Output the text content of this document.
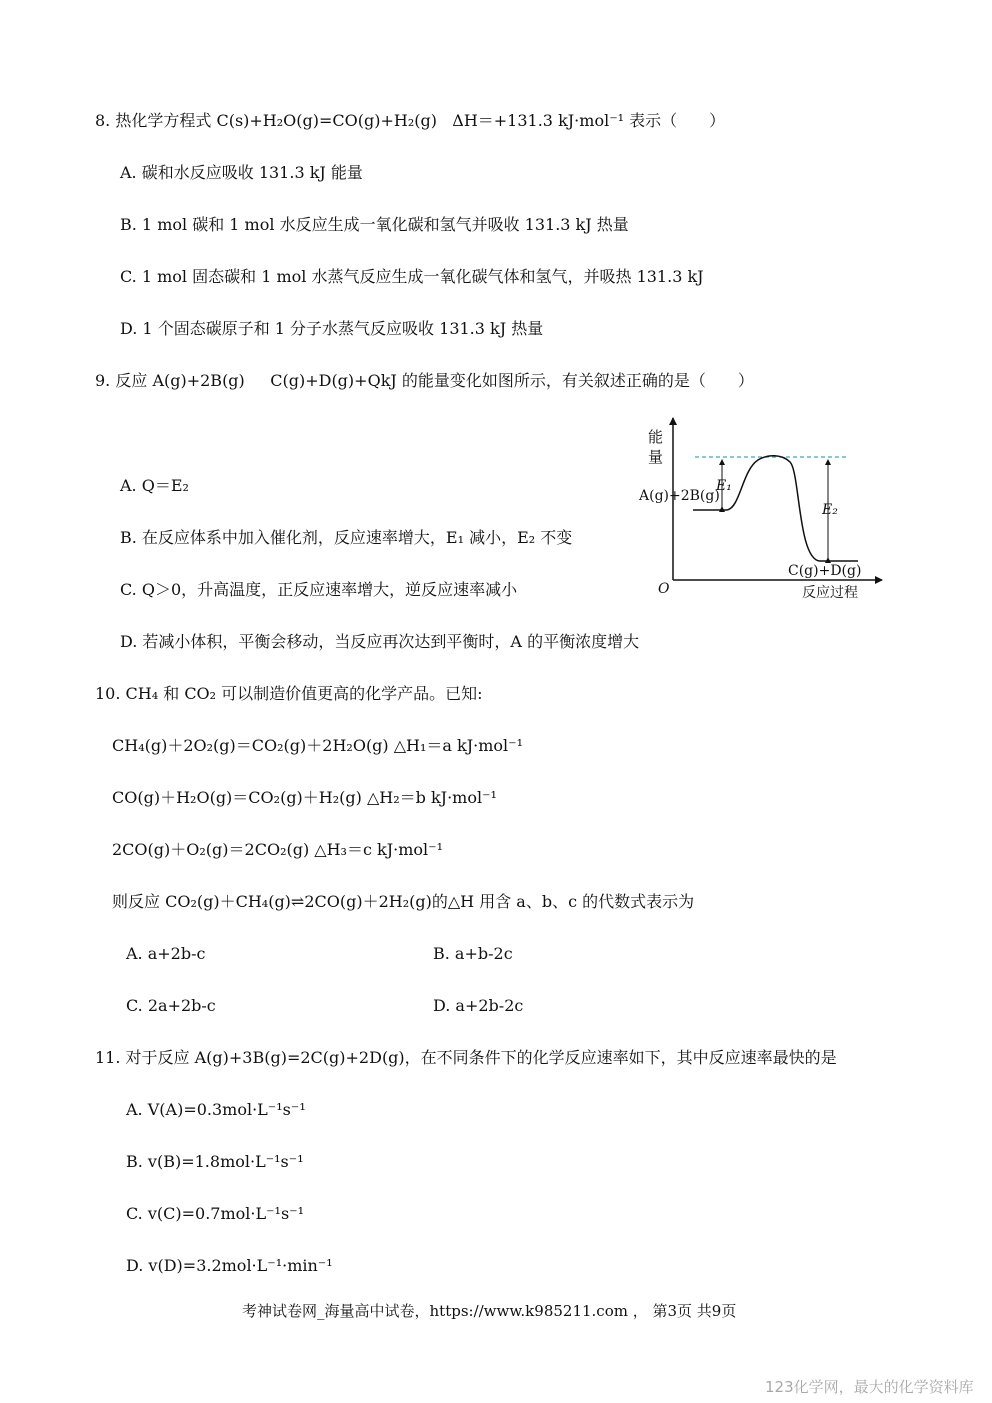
8. 热化学方程式 C(s)+H₂O(g)=CO(g)+H₂(g) ΔH＝+131.3 kJ·mol⁻¹ 表示（　　）
A. 碳和水反应吸收 131.3 kJ 能量
B. 1 mol 碳和 1 mol 水反应生成一氧化碳和氢气并吸收 131.3 kJ 热量
C. 1 mol 固态碳和 1 mol 水蒸气反应生成一氧化碳气体和氢气，并吸热 131.3 kJ
D. 1 个固态碳原子和 1 分子水蒸气反应吸收 131.3 kJ 热量
9. 反应 A(g)+2B(g) C(g)+D(g)+QkJ 的能量变化如图所示，有关叙述正确的是（　　）
A. Q＝E₂
B. 在反应体系中加入催化剂，反应速率增大，E₁ 减小，E₂ 不变
C. Q＞0，升高温度，正反应速率增大，逆反应速率减小
D. 若减小体积，平衡会移动，当反应再次达到平衡时，A 的平衡浓度增大
能
量
A(g)+2B(g)
E₁
E₂
C(g)+D(g)
O	反应过程
10. CH₄ 和 CO₂ 可以制造价值更高的化学产品。已知:
CH₄(g)＋2O₂(g)＝CO₂(g)＋2H₂O(g) △H₁＝a kJ·mol⁻¹
CO(g)＋H₂O(g)＝CO₂(g)＋H₂(g) △H₂＝b kJ·mol⁻¹
2CO(g)＋O₂(g)＝2CO₂(g) △H₃＝c kJ·mol⁻¹
则反应 CO₂(g)＋CH₄(g)⇌2CO(g)＋2H₂(g)的△H 用含 a、b、c 的代数式表示为
A. a+2b-c	B. a+b-2c
C. 2a+2b-c	D. a+2b-2c
11. 对于反应 A(g)+3B(g)=2C(g)+2D(g)，在不同条件下的化学反应速率如下，其中反应速率最快的是
A. V(A)=0.3mol·L⁻¹s⁻¹
B. v(B)=1.8mol·L⁻¹s⁻¹
C. v(C)=0.7mol·L⁻¹s⁻¹
D. v(D)=3.2mol·L⁻¹·min⁻¹
考神试卷网_海量高中试卷，https://www.k985211.com ， 第3页 共9页
123化学网，最大的化学资料库
